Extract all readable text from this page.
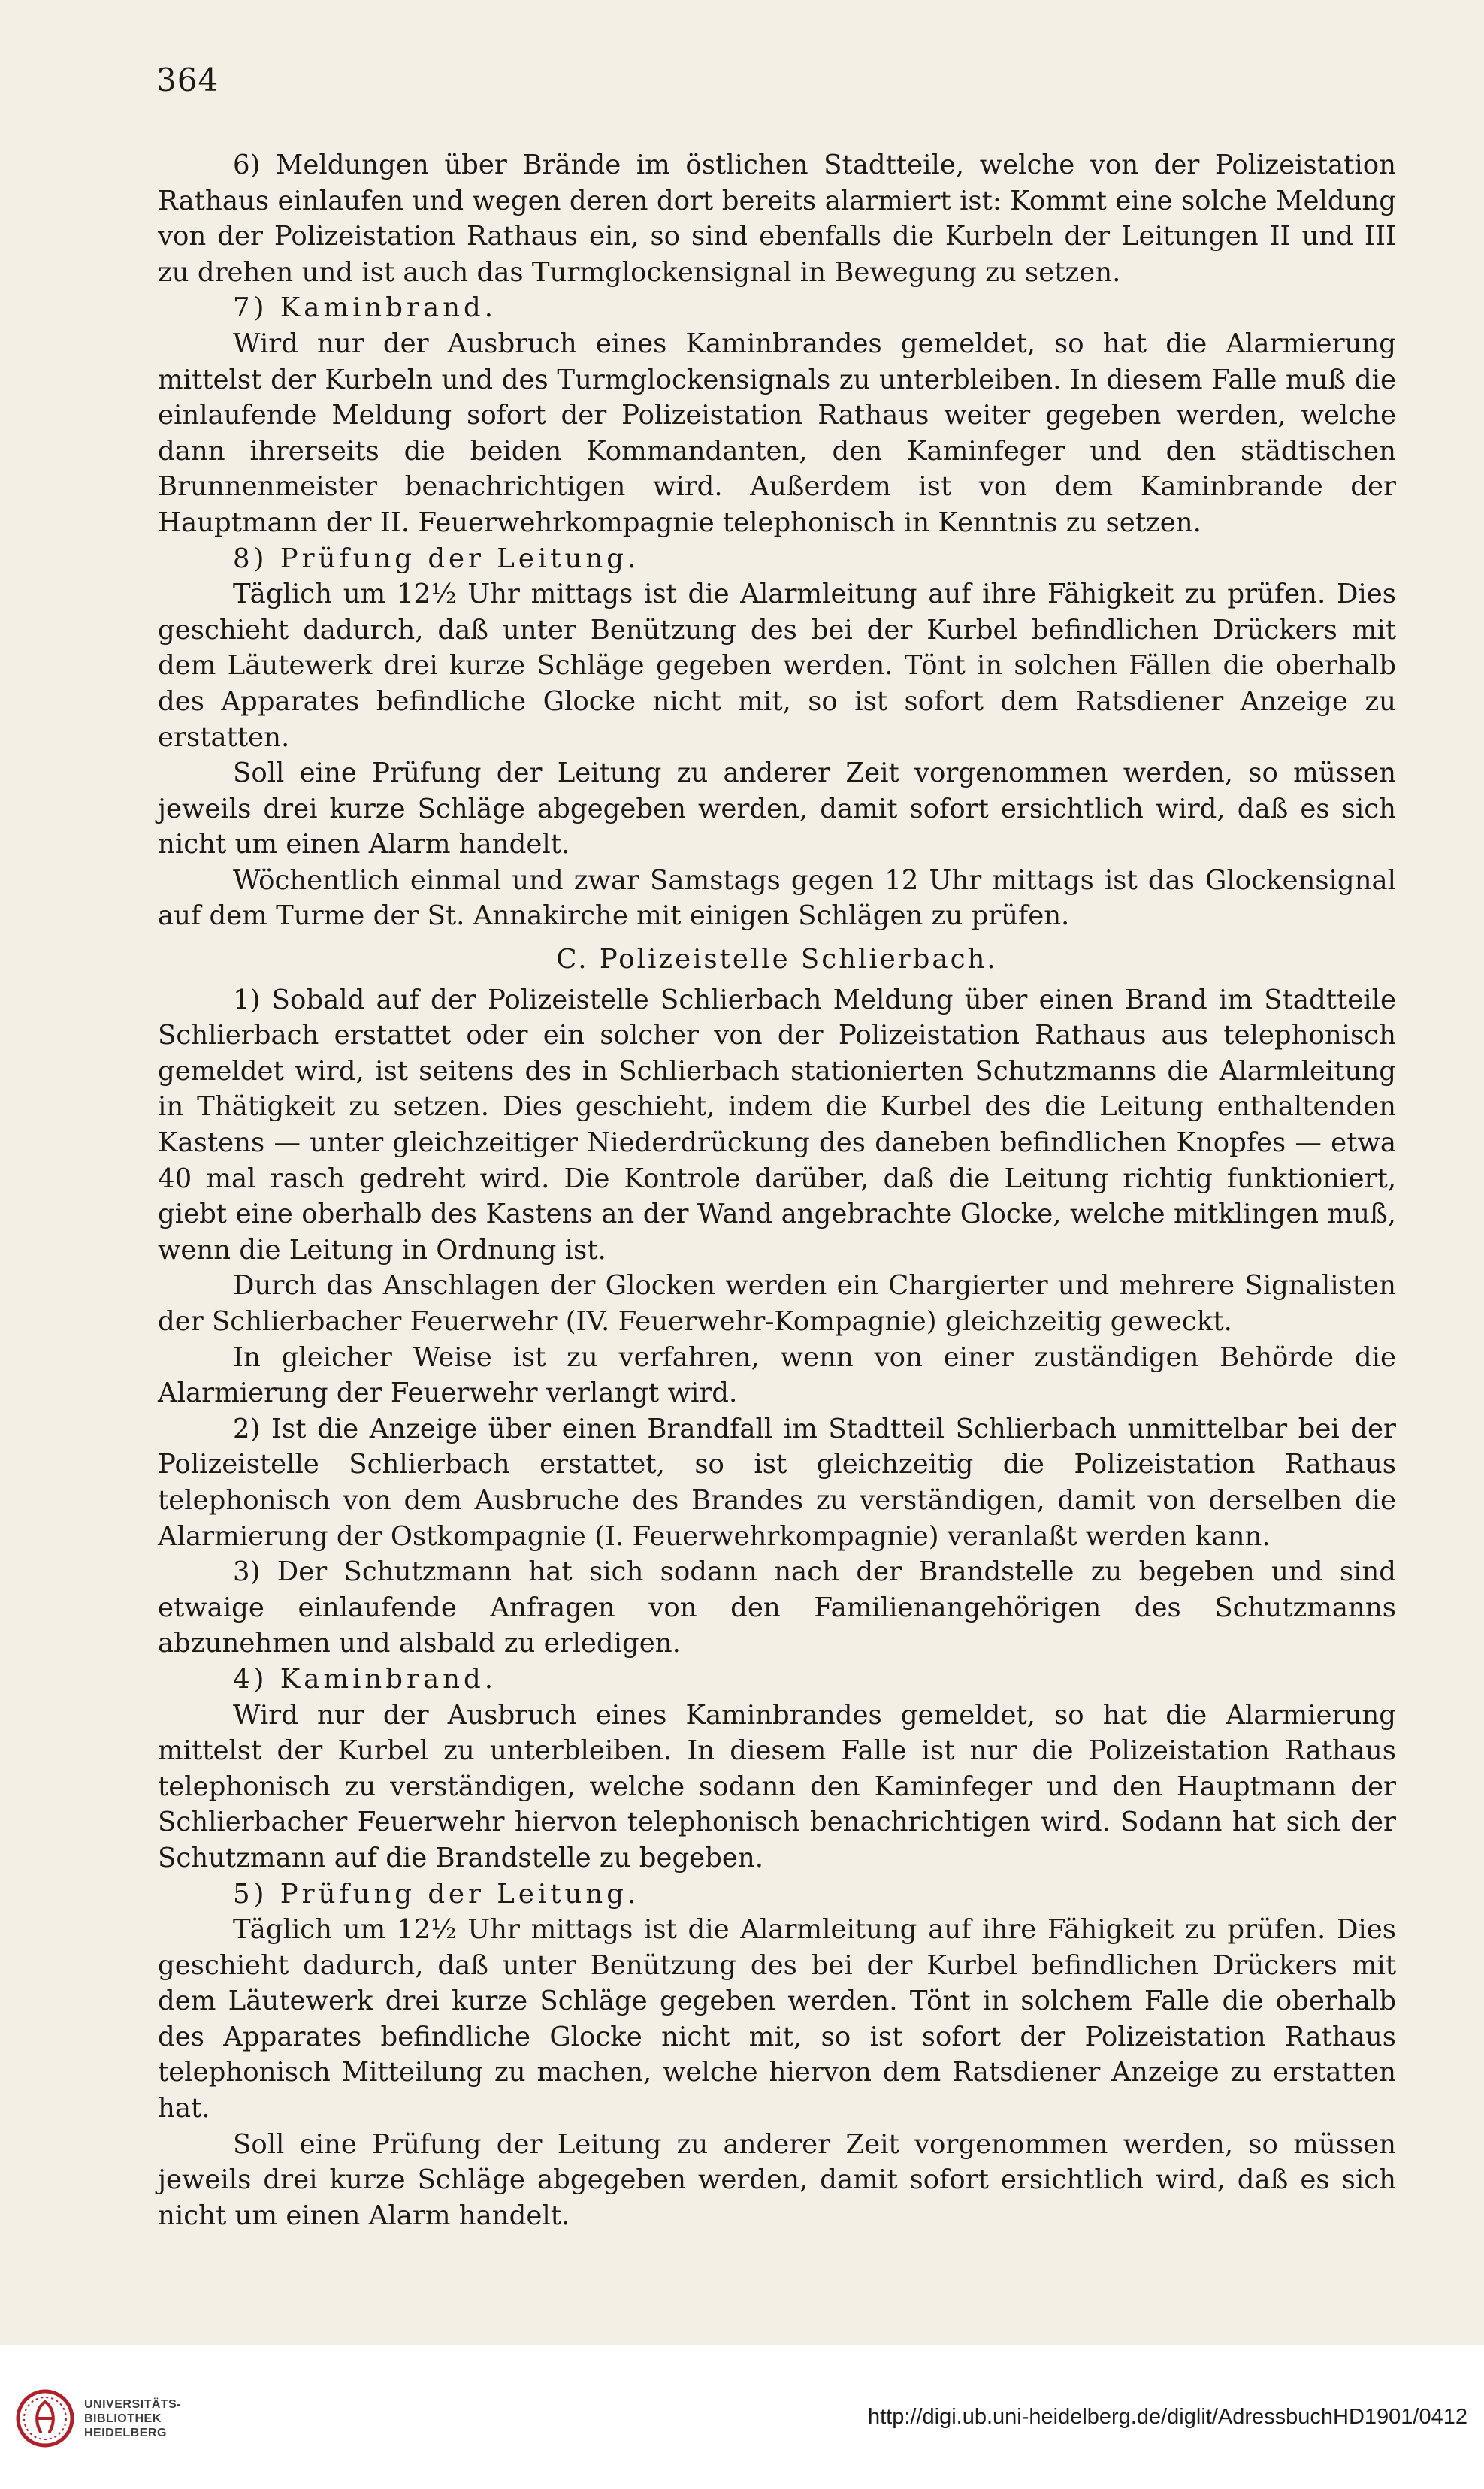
364

6) Meldungen über Brände im östlichen Stadtteile, welche von der Polizeistation Rathaus einlaufen und wegen deren dort bereits alarmiert ist: Kommt eine solche Meldung von der Polizeistation Rathaus ein, so sind ebenfalls die Kurbeln der Leitungen II und III zu drehen und ist auch das Turmglockensignal in Bewegung zu setzen.

7) Kaminbrand.

Wird nur der Ausbruch eines Kaminbrandes gemeldet, so hat die Alarmierung mittelst der Kurbeln und des Turmglockensignals zu unterbleiben. In diesem Falle muß die einlaufende Meldung sofort der Polizeistation Rathaus weiter gegeben werden, welche dann ihrerseits die beiden Kommandanten, den Kaminfeger und den städtischen Brunnenmeister benachrichtigen wird. Außerdem ist von dem Kaminbrande der Hauptmann der II. Feuerwehrkompagnie telephonisch in Kenntnis zu setzen.

8) Prüfung der Leitung.

Täglich um 12½ Uhr mittags ist die Alarmleitung auf ihre Fähigkeit zu prüfen. Dies geschieht dadurch, daß unter Benützung des bei der Kurbel befindlichen Drückers mit dem Läutewerk drei kurze Schläge gegeben werden. Tönt in solchen Fällen die oberhalb des Apparates befindliche Glocke nicht mit, so ist sofort dem Ratsdiener Anzeige zu erstatten.

Soll eine Prüfung der Leitung zu anderer Zeit vorgenommen werden, so müssen jeweils drei kurze Schläge abgegeben werden, damit sofort ersichtlich wird, daß es sich nicht um einen Alarm handelt.

Wöchentlich einmal und zwar Samstags gegen 12 Uhr mittags ist das Glockensignal auf dem Turme der St. Annakirche mit einigen Schlägen zu prüfen.

C. Polizeistelle Schlierbach.

1) Sobald auf der Polizeistelle Schlierbach Meldung über einen Brand im Stadtteile Schlierbach erstattet oder ein solcher von der Polizeistation Rathaus aus telephonisch gemeldet wird, ist seitens des in Schlierbach stationierten Schutzmanns die Alarmleitung in Thätigkeit zu setzen. Dies geschieht, indem die Kurbel des die Leitung enthaltenden Kastens — unter gleichzeitiger Niederdrückung des daneben befindlichen Knopfes — etwa 40 mal rasch gedreht wird. Die Kontrole darüber, daß die Leitung richtig funktioniert, giebt eine oberhalb des Kastens an der Wand angebrachte Glocke, welche mitklingen muß, wenn die Leitung in Ordnung ist.

Durch das Anschlagen der Glocken werden ein Chargierter und mehrere Signalisten der Schlierbacher Feuerwehr (IV. Feuerwehr-Kompagnie) gleichzeitig geweckt.

In gleicher Weise ist zu verfahren, wenn von einer zuständigen Behörde die Alarmierung der Feuerwehr verlangt wird.

2) Ist die Anzeige über einen Brandfall im Stadtteil Schlierbach unmittelbar bei der Polizeistelle Schlierbach erstattet, so ist gleichzeitig die Polizeistation Rathaus telephonisch von dem Ausbruche des Brandes zu verständigen, damit von derselben die Alarmierung der Ostkompagnie (I. Feuerwehrkompagnie) veranlaßt werden kann.

3) Der Schutzmann hat sich sodann nach der Brandstelle zu begeben und sind etwaige einlaufende Anfragen von den Familienangehörigen des Schutzmanns abzunehmen und alsbald zu erledigen.

4) Kaminbrand.

Wird nur der Ausbruch eines Kaminbrandes gemeldet, so hat die Alarmierung mittelst der Kurbel zu unterbleiben. In diesem Falle ist nur die Polizeistation Rathaus telephonisch zu verständigen, welche sodann den Kaminfeger und den Hauptmann der Schlierbacher Feuerwehr hiervon telephonisch benachrichtigen wird. Sodann hat sich der Schutzmann auf die Brandstelle zu begeben.

5) Prüfung der Leitung.

Täglich um 12½ Uhr mittags ist die Alarmleitung auf ihre Fähigkeit zu prüfen. Dies geschieht dadurch, daß unter Benützung des bei der Kurbel befindlichen Drückers mit dem Läutewerk drei kurze Schläge gegeben werden. Tönt in solchem Falle die oberhalb des Apparates befindliche Glocke nicht mit, so ist sofort der Polizeistation Rathaus telephonisch Mitteilung zu machen, welche hiervon dem Ratsdiener Anzeige zu erstatten hat.

Soll eine Prüfung der Leitung zu anderer Zeit vorgenommen werden, so müssen jeweils drei kurze Schläge abgegeben werden, damit sofort ersichtlich wird, daß es sich nicht um einen Alarm handelt.

UNIVERSITÄTS-
BIBLIOTHEK
HEIDELBERG
http://digi.ub.uni-heidelberg.de/diglit/AdressbuchHD1901/0412
